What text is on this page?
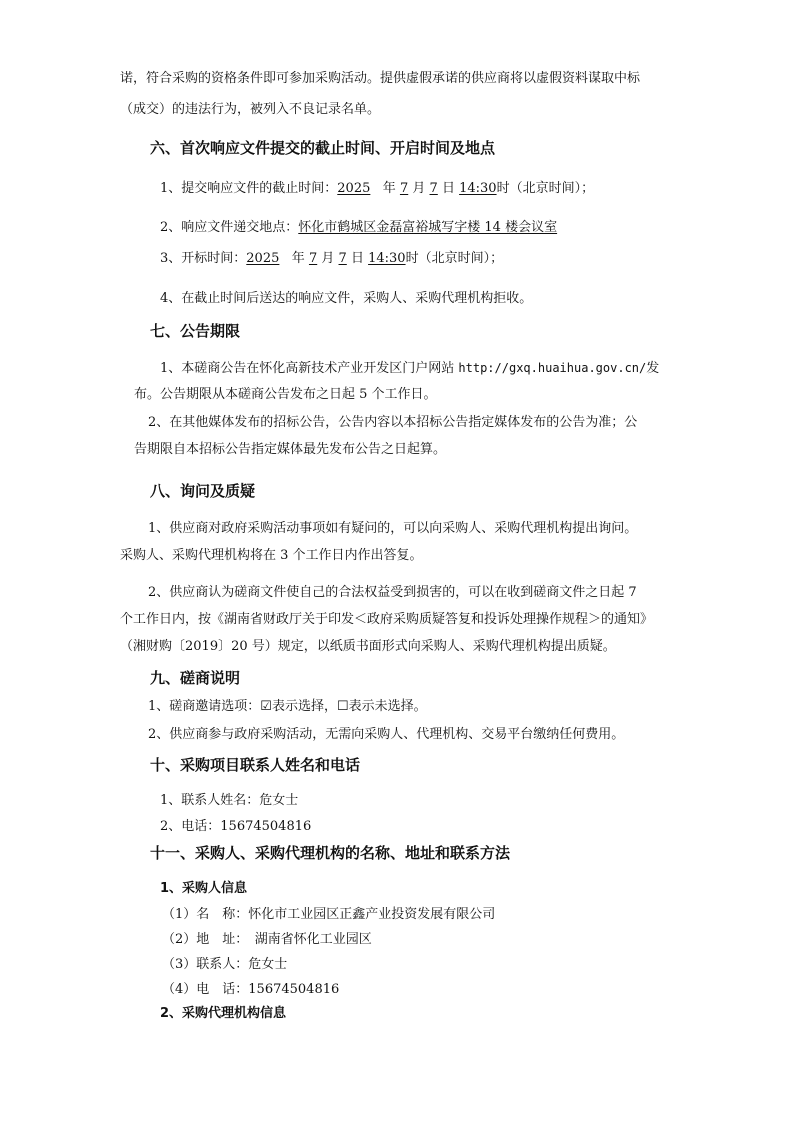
诺，符合采购的资格条件即可参加采购活动。提供虚假承诺的供应商将以虚假资料谋取中标
（成交）的违法行为，被列入不良记录名单。
六、首次响应文件提交的截止时间、开启时间及地点
1、提交响应文件的截止时间：2025 年 7 月 7 日 14:30时（北京时间）；
2、响应文件递交地点：怀化市鹤城区金磊富裕城写字楼 14 楼会议室
3、开标时间：2025 年 7 月 7 日 14:30时（北京时间）；
4、在截止时间后送达的响应文件，采购人、采购代理机构拒收。
七、公告期限
1、本磋商公告在怀化高新技术产业开发区门户网站 http://gxq.huaihua.gov.cn/发
布。公告期限从本磋商公告发布之日起 5 个工作日。
2、在其他媒体发布的招标公告，公告内容以本招标公告指定媒体发布的公告为准；公
告期限自本招标公告指定媒体最先发布公告之日起算。
八、询问及质疑
1、供应商对政府采购活动事项如有疑问的，可以向采购人、采购代理机构提出询问。
采购人、采购代理机构将在 3 个工作日内作出答复。
2、供应商认为磋商文件使自己的合法权益受到损害的，可以在收到磋商文件之日起 7
个工作日内，按《湖南省财政厅关于印发＜政府采购质疑答复和投诉处理操作规程＞的通知》
（湘财购〔2019〕20 号）规定，以纸质书面形式向采购人、采购代理机构提出质疑。
九、磋商说明
1、磋商邀请选项：☑表示选择，☐表示未选择。
2、供应商参与政府采购活动，无需向采购人、代理机构、交易平台缴纳任何费用。
十、采购项目联系人姓名和电话
1、联系人姓名：危女士
2、电话：15674504816
十一、采购人、采购代理机构的名称、地址和联系方法
1、采购人信息
（1）名　称：怀化市工业园区正鑫产业投资发展有限公司
（2）地　址：　湖南省怀化工业园区
（3）联系人：危女士
（4）电　话：15674504816
2、采购代理机构信息
